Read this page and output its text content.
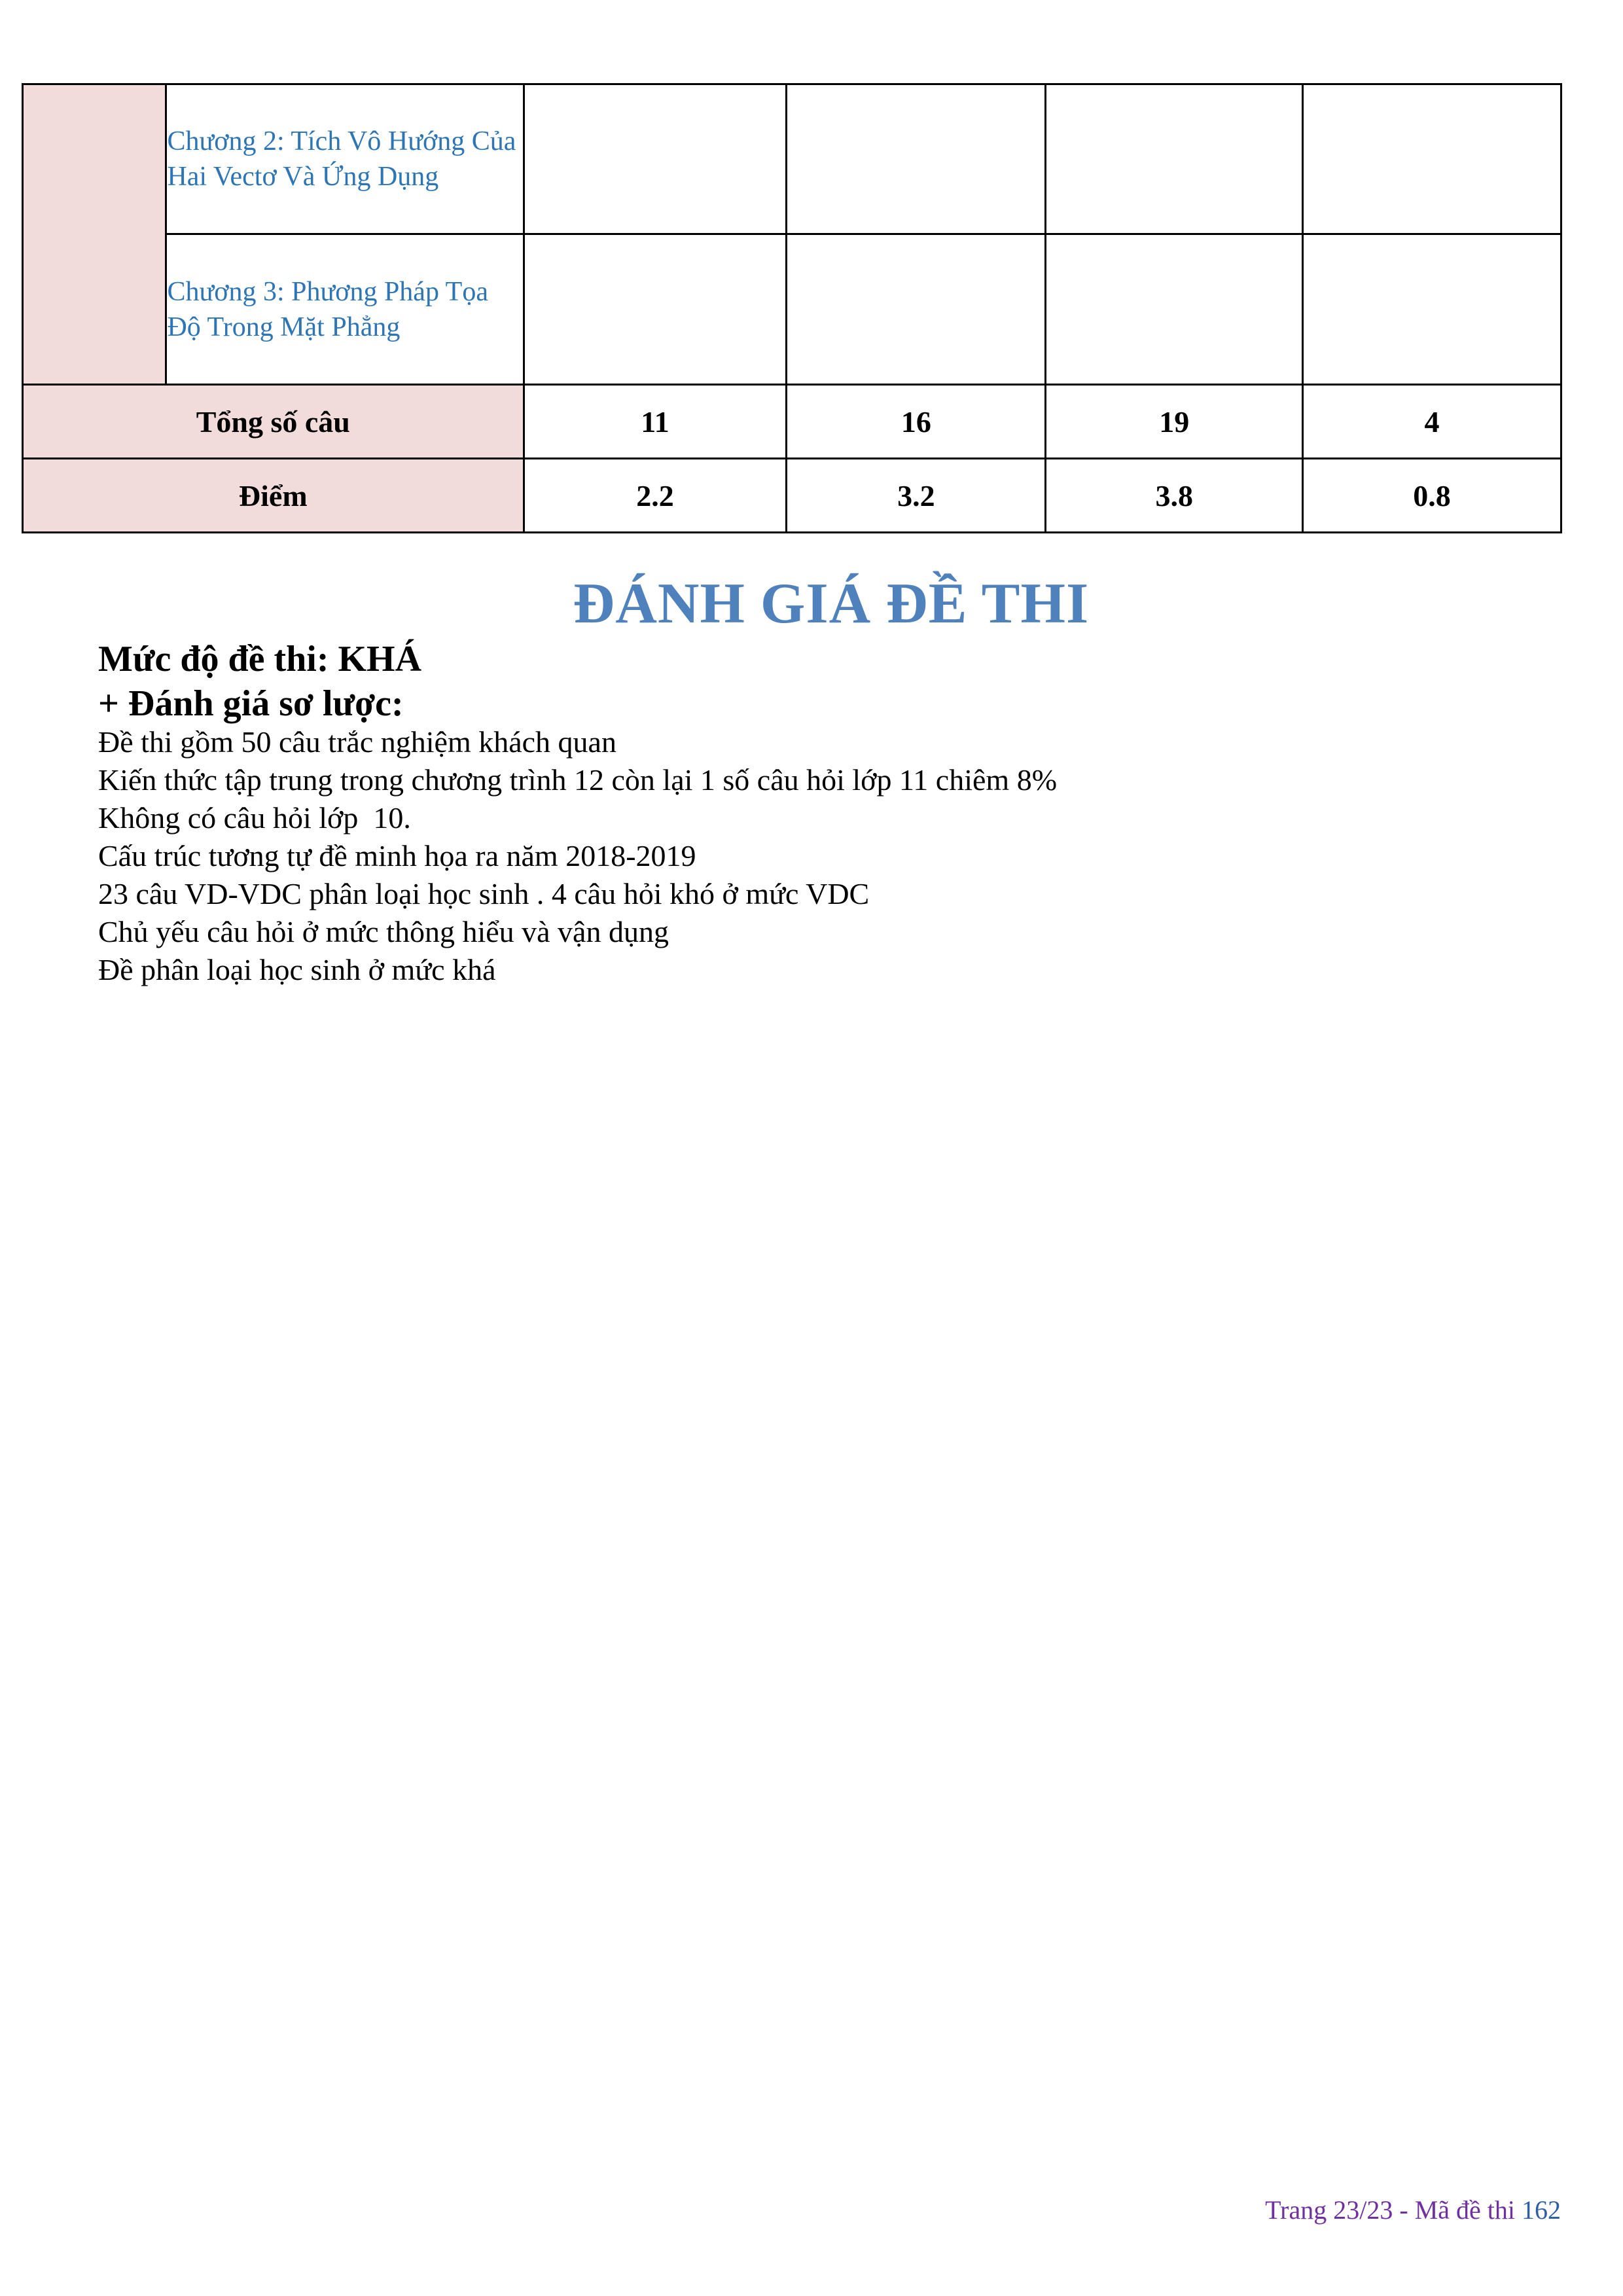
	Chương 2: Tích Vô Hướng Của Hai Vectơ Và Ứng Dụng				
	Chương 3: Phương Pháp Tọa Độ Trong Mặt Phẳng				
Tổng số câu		11	16	19	4
Điểm		2.2	3.2	3.8	0.8
ĐÁNH GIÁ ĐỀ THI
Mức độ đề thi: KHÁ
+ Đánh giá sơ lược:
Đề thi gồm 50 câu trắc nghiệm khách quan
Kiến thức tập trung trong chương trình 12 còn lại 1 số câu hỏi lớp 11 chiêm 8%
Không có câu hỏi lớp  10.
Cấu trúc tương tự đề minh họa ra năm 2018-2019
23 câu VD-VDC phân loại học sinh . 4 câu hỏi khó ở mức VDC
Chủ yếu câu hỏi ở mức thông hiểu và vận dụng
Đề phân loại học sinh ở mức khá
Trang 23/23 - Mã đề thi 162
